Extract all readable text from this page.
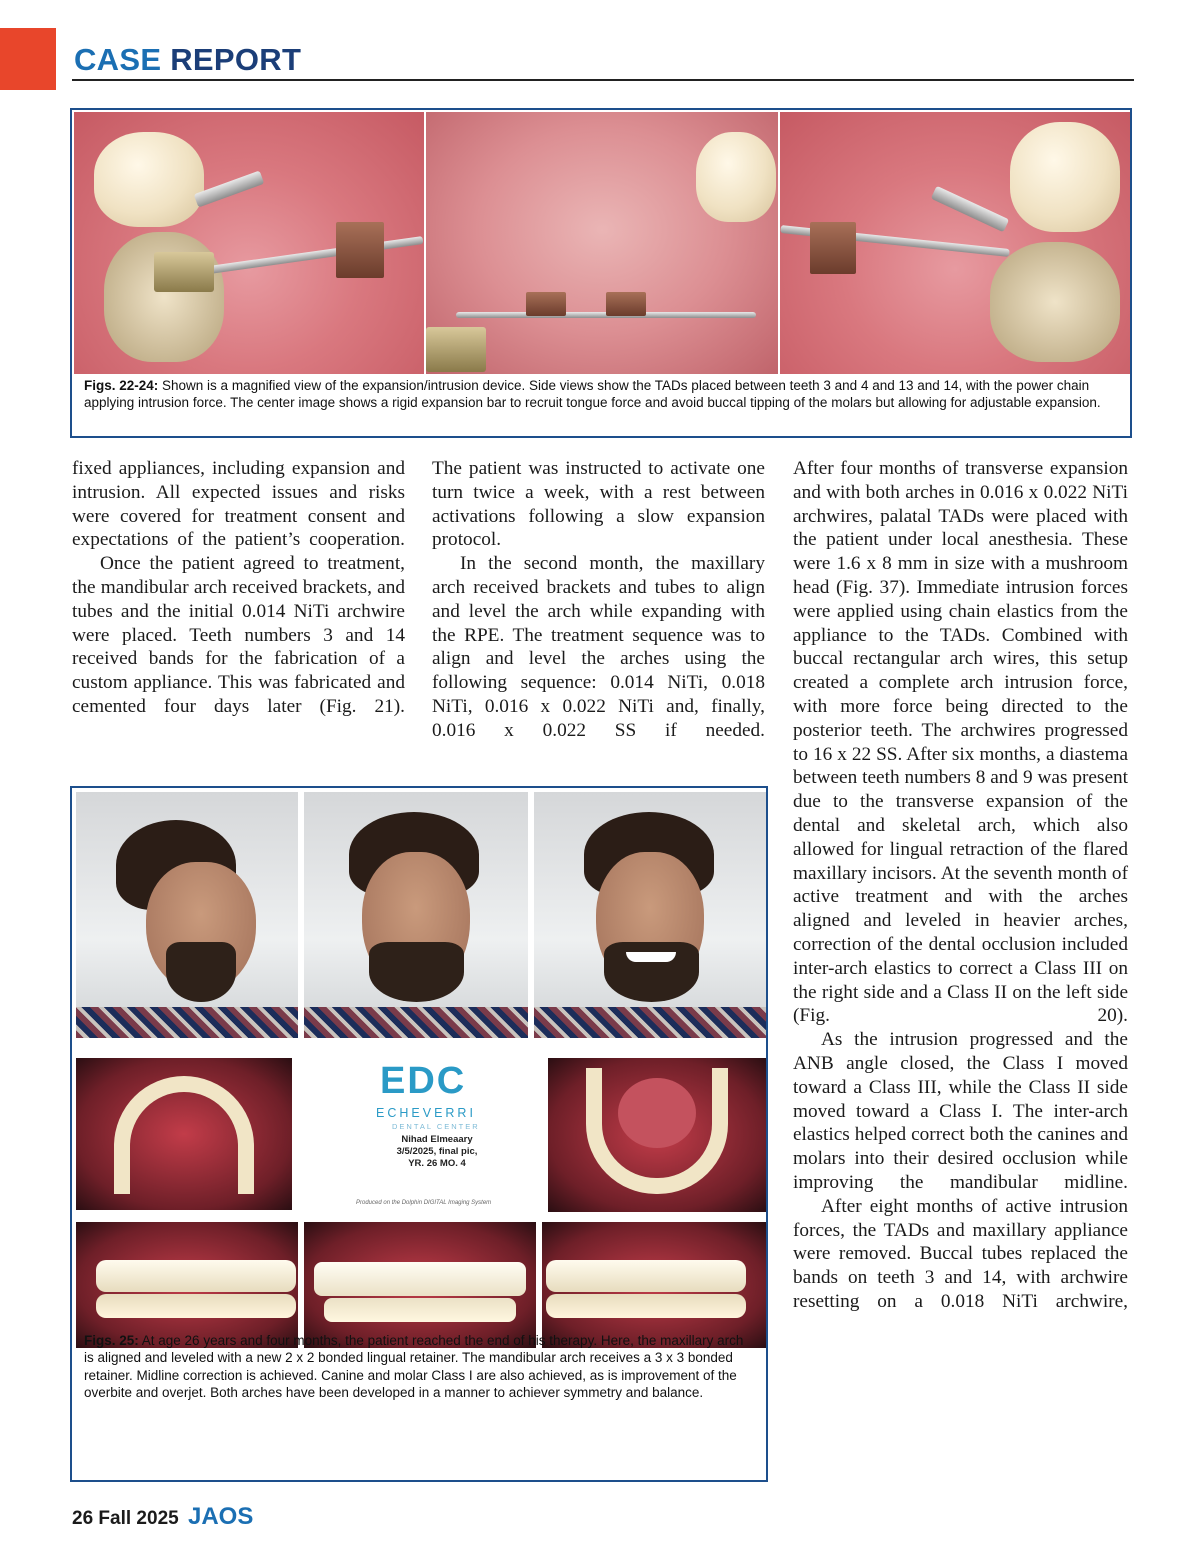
CASE REPORT
Figs. 22-24: Shown is a magnified view of the expansion/intrusion device. Side views show the TADs placed between teeth 3 and 4 and 13 and 14, with the power chain applying intrusion force. The center image shows a rigid expansion bar to recruit tongue force and avoid buccal tipping of the molars but allowing for adjustable expansion.

fixed appliances, including expansion and intrusion. All expected issues and risks were covered for treatment consent and expectations of the patient’s cooperation.

Once the patient agreed to treatment, the mandibular arch received brackets, and tubes and the initial 0.014 NiTi archwire were placed. Teeth numbers 3 and 14 received bands for the fabrication of a custom appliance. This was fabricated and cemented four days later (Fig. 21).

The patient was instructed to activate one turn twice a week, with a rest between activations following a slow expansion protocol.

In the second month, the maxillary arch received brackets and tubes to align and level the arch while expanding with the RPE. The treatment sequence was to align and level the arches using the following sequence: 0.014 NiTi, 0.018 NiTi, 0.016 x 0.022 NiTi and, finally, 0.016 x 0.022 SS if needed.

After four months of transverse expansion and with both arches in 0.016 x 0.022 NiTi archwires, palatal TADs were placed with the patient under local anesthesia. These were 1.6 x 8 mm in size with a mushroom head (Fig. 37). Immediate intrusion forces were applied using chain elastics from the appliance to the TADs. Combined with buccal rectangular arch wires, this setup created a complete arch intrusion force, with more force being directed to the posterior teeth. The archwires progressed to 16 x 22 SS. After six months, a diastema between teeth numbers 8 and 9 was present due to the transverse expansion of the dental and skeletal arch, which also allowed for lingual retraction of the flared maxillary incisors. At the seventh month of active treatment and with the arches aligned and leveled in heavier arches, correction of the dental occlusion included inter-arch elastics to correct a Class III on the right side and a Class II on the left side (Fig. 20).

As the intrusion progressed and the ANB angle closed, the Class I moved toward a Class III, while the Class II side moved toward a Class I. The inter-arch elastics helped correct both the canines and molars into their desired occlusion while improving the mandibular midline.

After eight months of active intrusion forces, the TADs and maxillary appliance were removed. Buccal tubes replaced the bands on teeth 3 and 14, with archwire resetting on a 0.018 NiTi archwire,

EDC
ECHEVERRI
DENTAL CENTER
Nihad Elmeaary
3/5/2025, final pic,
YR. 26 MO. 4
Produced on the Dolphin DIGITAL Imaging System
Figs. 25: At age 26 years and four months, the patient reached the end of his therapy. Here, the maxillary arch is aligned and leveled with a new 2 x 2 bonded lingual retainer. The mandibular arch receives a 3 x 3 bonded retainer. Midline correction is achieved. Canine and molar Class I are also achieved, as is improvement of the overbite and overjet. Both arches have been developed in a manner to achiever symmetry and balance.
26 Fall 2025 JAOS
